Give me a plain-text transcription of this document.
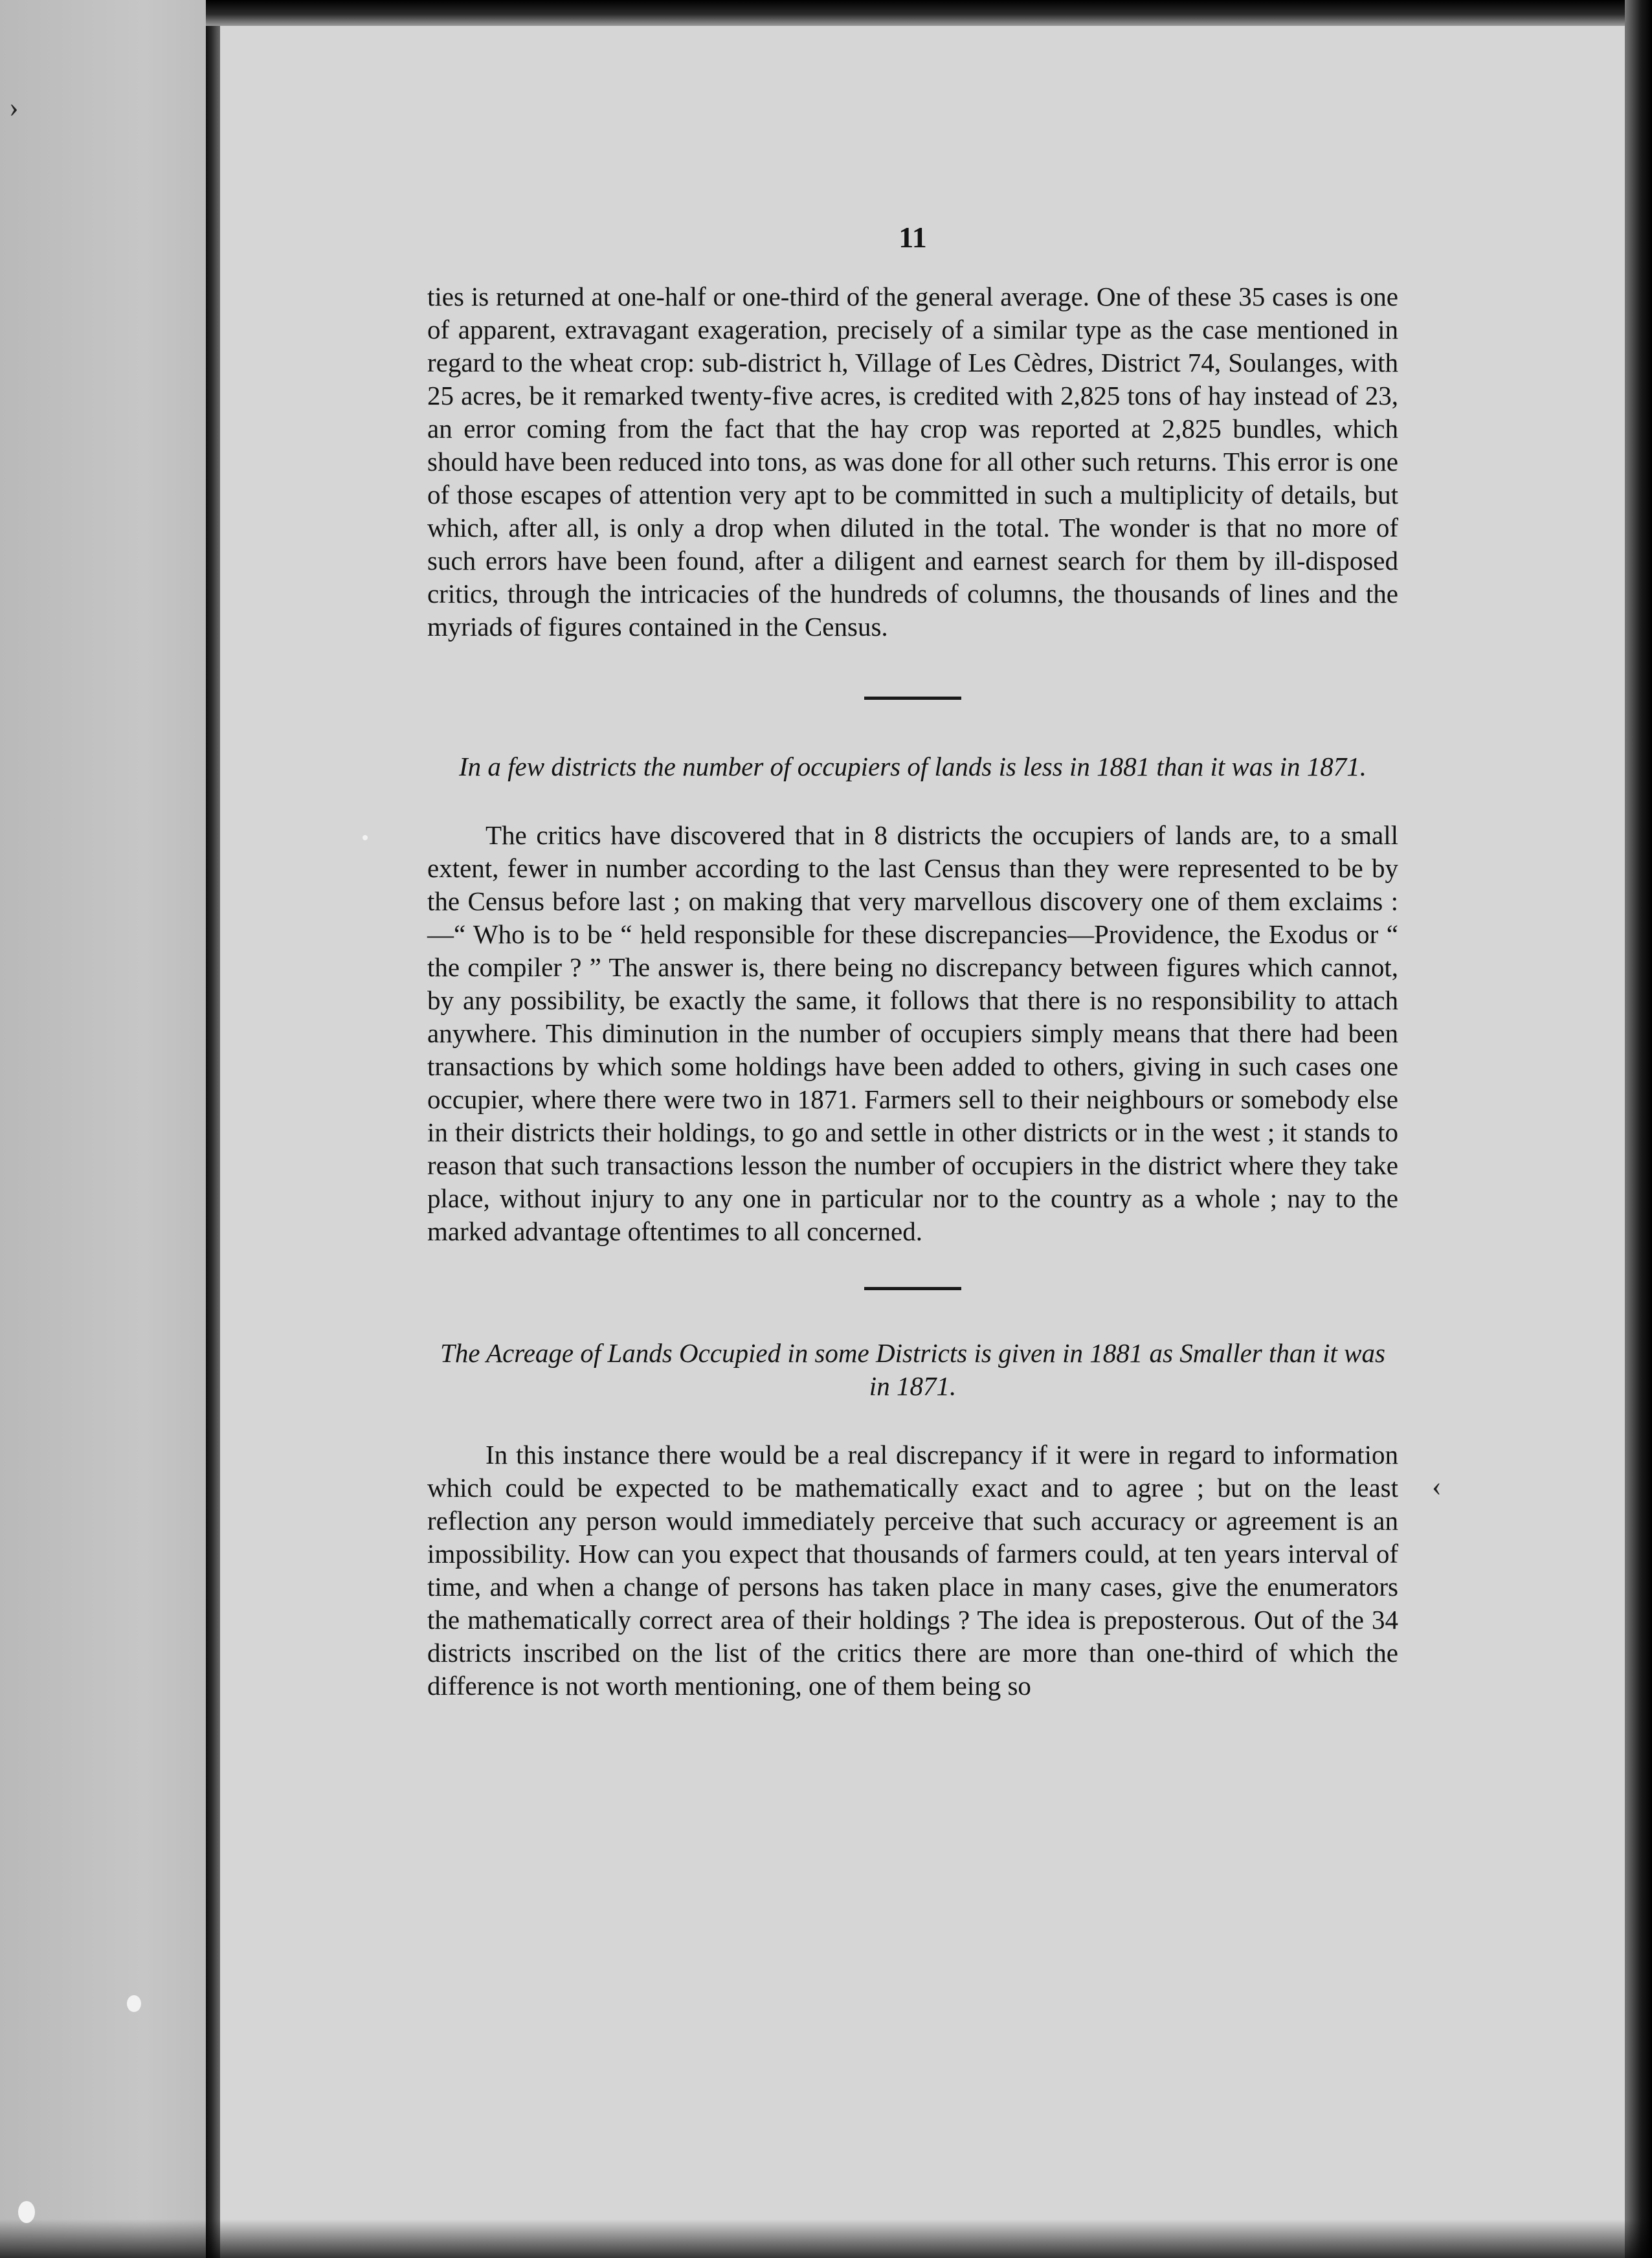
›
‹
11

ties is returned at one-half or one-third of the general average. One of these 35 cases is one of apparent, extravagant exageration, precisely of a similar type as the case mentioned in regard to the wheat crop: sub-district h, Village of Les Cèdres, District 74, Soulanges, with 25 acres, be it remarked twenty-five acres, is credited with 2,825 tons of hay instead of 23, an error coming from the fact that the hay crop was reported at 2,825 bundles, which should have been reduced into tons, as was done for all other such returns. This error is one of those escapes of attention very apt to be committed in such a multiplicity of details, but which, after all, is only a drop when diluted in the total. The wonder is that no more of such errors have been found, after a diligent and earnest search for them by ill-disposed critics, through the intricacies of the hundreds of columns, the thousands of lines and the myriads of figures contained in the Census.

In a few districts the number of occupiers of lands is less in 1881 than it was in 1871.

The critics have discovered that in 8 districts the occupiers of lands are, to a small extent, fewer in number according to the last Census than they were represented to be by the Census before last ; on making that very marvellous discovery one of them exclaims :—“ Who is to be “ held responsible for these discrepancies—Providence, the Exodus or “ the compiler ? ” The answer is, there being no discrepancy between figures which cannot, by any possibility, be exactly the same, it follows that there is no responsibility to attach anywhere. This diminution in the number of occupiers simply means that there had been transactions by which some holdings have been added to others, giving in such cases one occupier, where there were two in 1871. Farmers sell to their neighbours or somebody else in their districts their holdings, to go and settle in other districts or in the west ; it stands to reason that such transactions lesson the number of occupiers in the district where they take place, without injury to any one in particular nor to the country as a whole ; nay to the marked advantage oftentimes to all concerned.

The Acreage of Lands Occupied in some Districts is given in 1881 as Smaller than it was in 1871.

In this instance there would be a real discrepancy if it were in regard to information which could be expected to be mathematically exact and to agree ; but on the least reflection any person would immediately perceive that such accuracy or agreement is an impossibility. How can you expect that thousands of farmers could, at ten years interval of time, and when a change of persons has taken place in many cases, give the enumerators the mathematically correct area of their holdings ? The idea is preposterous. Out of the 34 districts inscribed on the list of the critics there are more than one-third of which the difference is not worth mentioning, one of them being so
